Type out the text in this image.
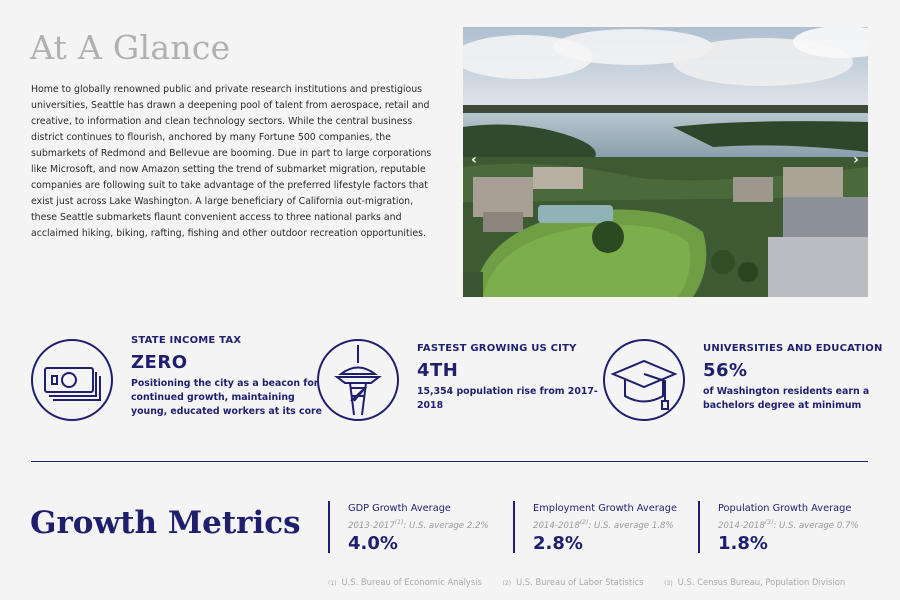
At A Glance

Home to globally renowned public and private research institutions and prestigious universities, Seattle has drawn a deepening pool of talent from aerospace, retail and creative, to information and clean technology sectors. While the central business district continues to flourish, anchored by many Fortune 500 companies, the submarkets of Redmond and Bellevue are booming. Due in part to large corporations like Microsoft, and now Amazon setting the trend of submarket migration, reputable companies are following suit to take advantage of the preferred lifestyle factors that exist just across Lake Washington. A large beneficiary of California out-migration, these Seattle submarkets flaunt convenient access to three national parks and acclaimed hiking, biking, rafting, fishing and other outdoor recreation opportunities.

‹	›
STATE INCOME TAX
ZERO
Positioning the city as a beacon for continued growth, maintaining young, educated workers at its core
FASTEST GROWING US CITY
4TH
15,354 population rise from 2017-2018
UNIVERSITIES AND EDUCATION
56%
of Washington residents earn a bachelors degree at minimum
Growth Metrics	GDP Growth Average
2013-2017$^{(1)}$: U.S. average 2.2%
4.0%
Employment Growth Average
2014-2018$^{(2)}$: U.S. average 1.8%
2.8%
Population Growth Average
2014-2018$^{(3)}$: U.S. average 0.7%
1.8%
(1) U.S. Bureau of Economic Analysis	(2) U.S. Bureau of Labor Statistics	(3) U.S. Census Bureau, Population Division
